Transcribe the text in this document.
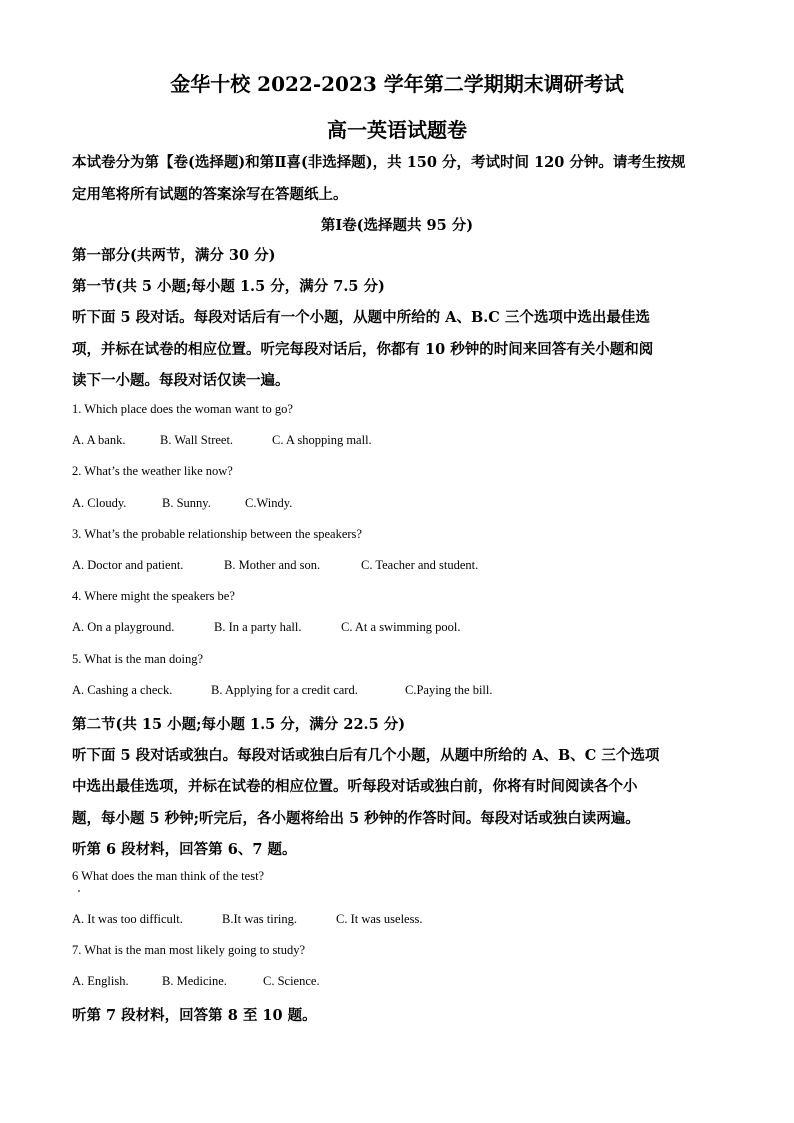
金华十校 2022-2023 学年第二学期期末调研考试
高一英语试题卷
本试卷分为第【卷(选择题)和第Ⅱ喜(非选择题)，共 150 分，考试时间 120 分钟。请考生按规
定用笔将所有试题的答案涂写在答题纸上。
第Ⅰ卷(选择题共 95 分)
第一部分(共两节，满分 30 分)
第一节(共 5 小题;每小题 1.5 分，满分 7.5 分)
听下面 5 段对话。每段对话后有一个小题，从题中所给的 A、B.C 三个选项中选出最佳选
项，并标在试卷的相应位置。听完每段对话后，你都有 10 秒钟的时间来回答有关小题和阅
读下一小题。每段对话仅读一遍。
1. Which place does the woman want to go?
A. A bank.	B. Wall Street.	C. A shopping mall.
2. What’s the weather like now?
A. Cloudy.	B. Sunny.	C.Windy.
3. What’s the probable relationship between the speakers?
A. Doctor and patient.	B. Mother and son.	C. Teacher and student.
4. Where might the speakers be?
A. On a playground.	B. In a party hall.	C. At a swimming pool.
5. What is the man doing?
A. Cashing a check.	B. Applying for a credit card.	C.Paying the bill.
第二节(共 15 小题;每小题 1.5 分，满分 22.5 分)
听下面 5 段对话或独白。每段对话或独白后有几个小题，从题中所给的 A、B、C 三个选项
中选出最佳选项，并标在试卷的相应位置。听每段对话或独白前，你将有时间阅读各个小
题，每小题 5 秒钟;听完后，各小题将给出 5 秒钟的作答时间。每段对话或独白读两遍。
听第 6 段材料，回答第 6、7 题。
6 What does the man think of the test?
A. It was too difficult.	B.It was tiring.	C. It was useless.
7. What is the man most likely going to study?
A. English.	B. Medicine.	C. Science.
听第 7 段材料，回答第 8 至 10 题。
